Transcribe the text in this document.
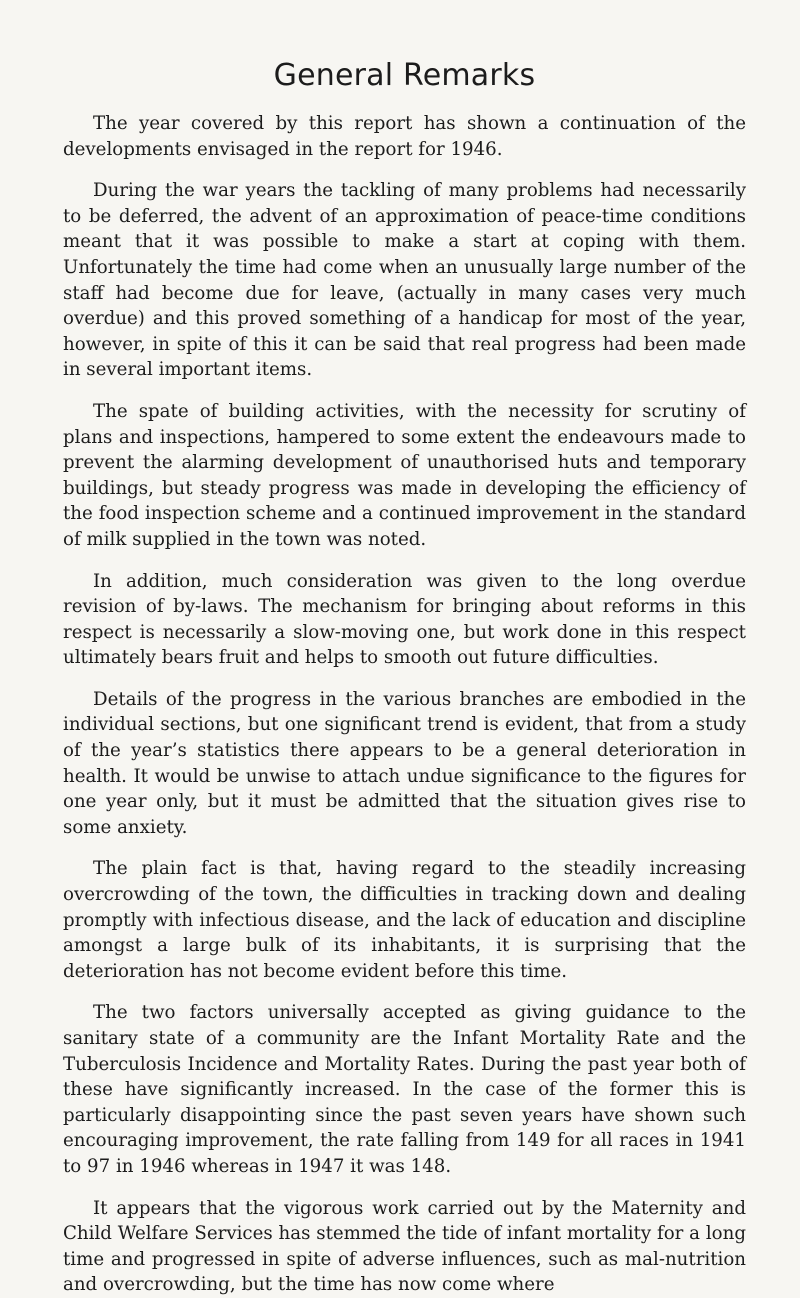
General Remarks

The year covered by this report has shown a continuation of the developments envisaged in the report for 1946.

During the war years the tackling of many problems had necessarily to be deferred, the advent of an approximation of peace-time conditions meant that it was possible to make a start at coping with them. Unfortunately the time had come when an unusually large number of the staff had become due for leave, (actually in many cases very much overdue) and this proved something of a handicap for most of the year, however, in spite of this it can be said that real progress had been made in several important items.

The spate of building activities, with the necessity for scrutiny of plans and inspections, hampered to some extent the endeavours made to prevent the alarming development of unauthorised huts and temporary buildings, but steady progress was made in developing the efficiency of the food inspection scheme and a continued improvement in the standard of milk supplied in the town was noted.

In addition, much consideration was given to the long overdue revision of by-laws. The mechanism for bringing about reforms in this respect is necessarily a slow-moving one, but work done in this respect ultimately bears fruit and helps to smooth out future difficulties.

Details of the progress in the various branches are embodied in the individual sections, but one significant trend is evident, that from a study of the year’s statistics there appears to be a general deterioration in health. It would be unwise to attach undue significance to the figures for one year only, but it must be admitted that the situation gives rise to some anxiety.

The plain fact is that, having regard to the steadily increasing overcrowding of the town, the difficulties in tracking down and dealing promptly with infectious disease, and the lack of education and discipline amongst a large bulk of its inhabitants, it is surprising that the deterioration has not become evident before this time.

The two factors universally accepted as giving guidance to the sanitary state of a community are the Infant Mortality Rate and the Tuberculosis Incidence and Mortality Rates. During the past year both of these have significantly increased. In the case of the former this is particularly disappointing since the past seven years have shown such encouraging improvement, the rate falling from 149 for all races in 1941 to 97 in 1946 whereas in 1947 it was 148.

It appears that the vigorous work carried out by the Maternity and Child Welfare Services has stemmed the tide of infant mortality for a long time and progressed in spite of adverse influences, such as mal-nutrition and overcrowding, but the time has now come where
